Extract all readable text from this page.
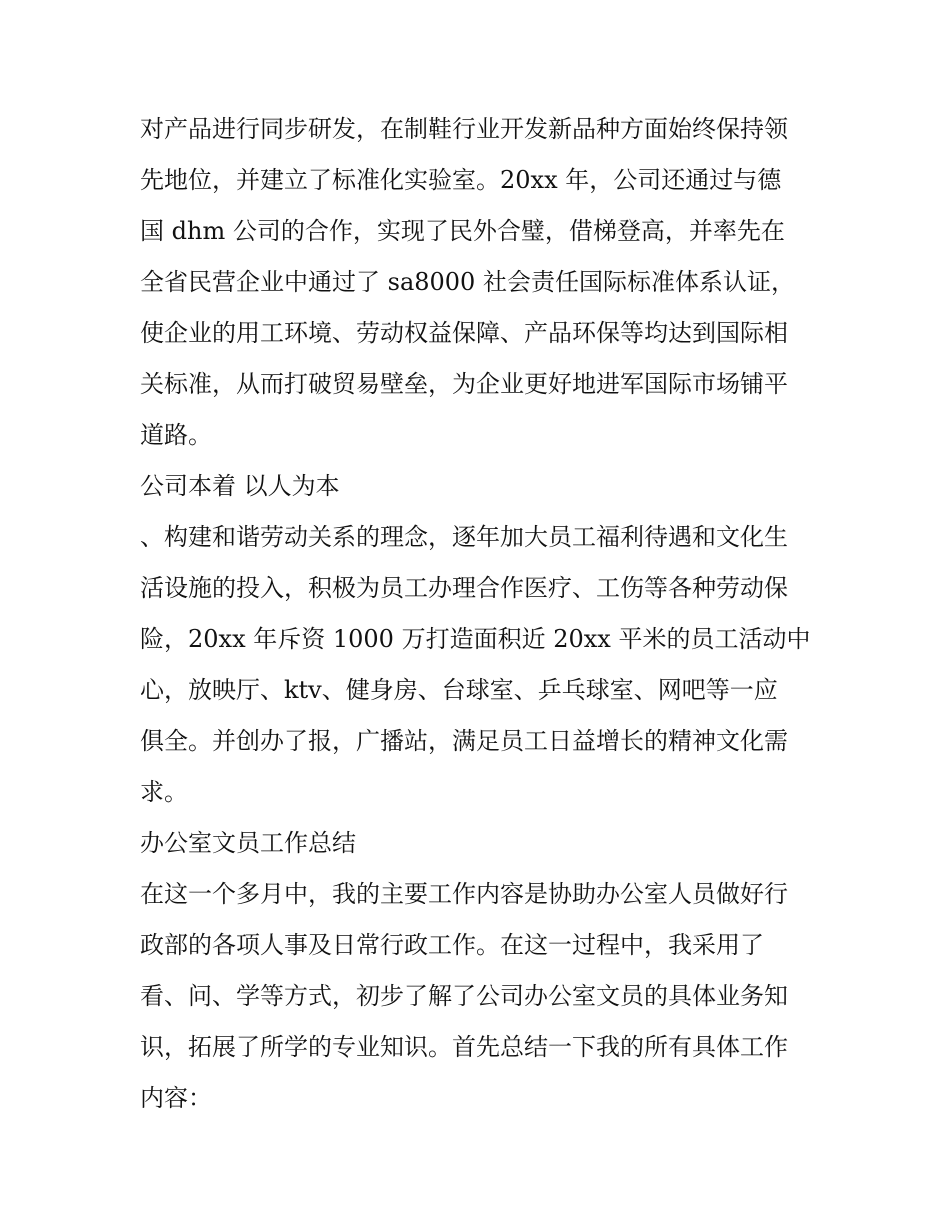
对产品进行同步研发，在制鞋行业开发新品种方面始终保持领
先地位，并建立了标准化实验室。20xx 年，公司还通过与德
国 dhm 公司的合作，实现了民外合璧，借梯登高，并率先在
全省民营企业中通过了 sa8000 社会责任国际标准体系认证，
使企业的用工环境、劳动权益保障、产品环保等均达到国际相
关标准，从而打破贸易壁垒，为企业更好地进军国际市场铺平
道路。
公司本着 以人为本
、构建和谐劳动关系的理念，逐年加大员工福利待遇和文化生
活设施的投入，积极为员工办理合作医疗、工伤等各种劳动保
险，20xx 年斥资 1000 万打造面积近 20xx 平米的员工活动中
心，放映厅、ktv、健身房、台球室、乒乓球室、网吧等一应
俱全。并创办了报，广播站，满足员工日益增长的精神文化需
求。
办公室文员工作总结
在这一个多月中，我的主要工作内容是协助办公室人员做好行
政部的各项人事及日常行政工作。在这一过程中，我采用了
看、问、学等方式，初步了解了公司办公室文员的具体业务知
识，拓展了所学的专业知识。首先总结一下我的所有具体工作
内容：
